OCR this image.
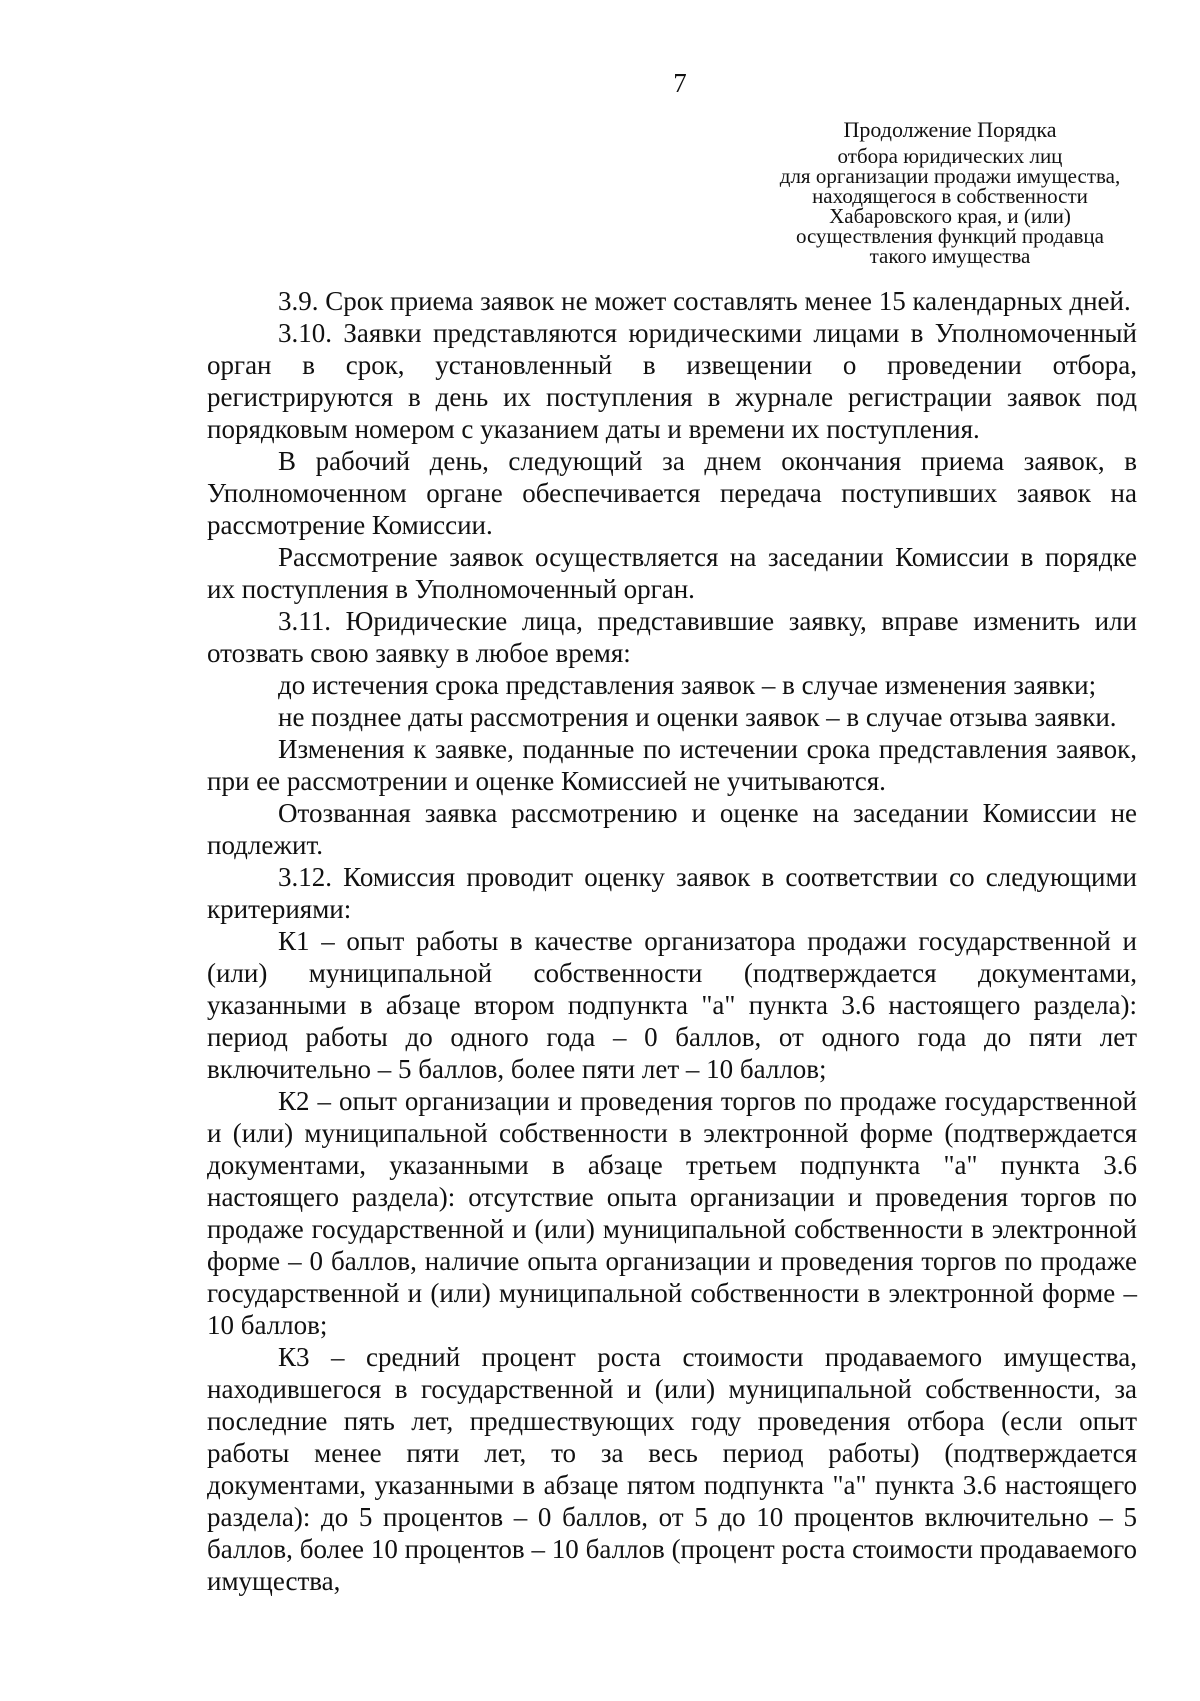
7
Продолжение Порядка
отбора юридических лиц
для организации продажи имущества,
находящегося в собственности
Хабаровского края, и (или)
осуществления функций продавца
такого имущества

3.9. Срок приема заявок не может составлять менее 15 календарных дней.

3.10. Заявки представляются юридическими лицами в Уполномоченный орган в срок, установленный в извещении о проведении отбора, регистрируются в день их поступления в журнале регистрации заявок под порядковым номером с указанием даты и времени их поступления.

В рабочий день, следующий за днем окончания приема заявок, в Уполномоченном органе обеспечивается передача поступивших заявок на рассмотрение Комиссии.

Рассмотрение заявок осуществляется на заседании Комиссии в порядке их поступления в Уполномоченный орган.

3.11. Юридические лица, представившие заявку, вправе изменить или отозвать свою заявку в любое время:

до истечения срока представления заявок – в случае изменения заявки;

не позднее даты рассмотрения и оценки заявок – в случае отзыва заявки.

Изменения к заявке, поданные по истечении срока представления заявок, при ее рассмотрении и оценке Комиссией не учитываются.

Отозванная заявка рассмотрению и оценке на заседании Комиссии не подлежит.

3.12. Комиссия проводит оценку заявок в соответствии со следующими критериями:

К1 – опыт работы в качестве организатора продажи государственной и (или) муниципальной собственности (подтверждается документами, указанными в абзаце втором подпункта "а" пункта 3.6 настоящего раздела): период работы до одного года – 0 баллов, от одного года до пяти лет включительно – 5 баллов, более пяти лет – 10 баллов;

К2 – опыт организации и проведения торгов по продаже государственной и (или) муниципальной собственности в электронной форме (подтверждается документами, указанными в абзаце третьем подпункта "а" пункта 3.6 настоящего раздела): отсутствие опыта организации и проведения торгов по продаже государственной и (или) муниципальной собственности в электронной форме – 0 баллов, наличие опыта организации и проведения торгов по продаже государственной и (или) муниципальной собственности в электронной форме – 10 баллов;

К3 – средний процент роста стоимости продаваемого имущества, находившегося в государственной и (или) муниципальной собственности, за последние пять лет, предшествующих году проведения отбора (если опыт работы менее пяти лет, то за весь период работы) (подтверждается документами, указанными в абзаце пятом подпункта "а" пункта 3.6 настоящего раздела): до 5 процентов – 0 баллов, от 5 до 10 процентов включительно – 5 баллов, более 10 процентов – 10 баллов (процент роста стоимости продаваемого имущества,
